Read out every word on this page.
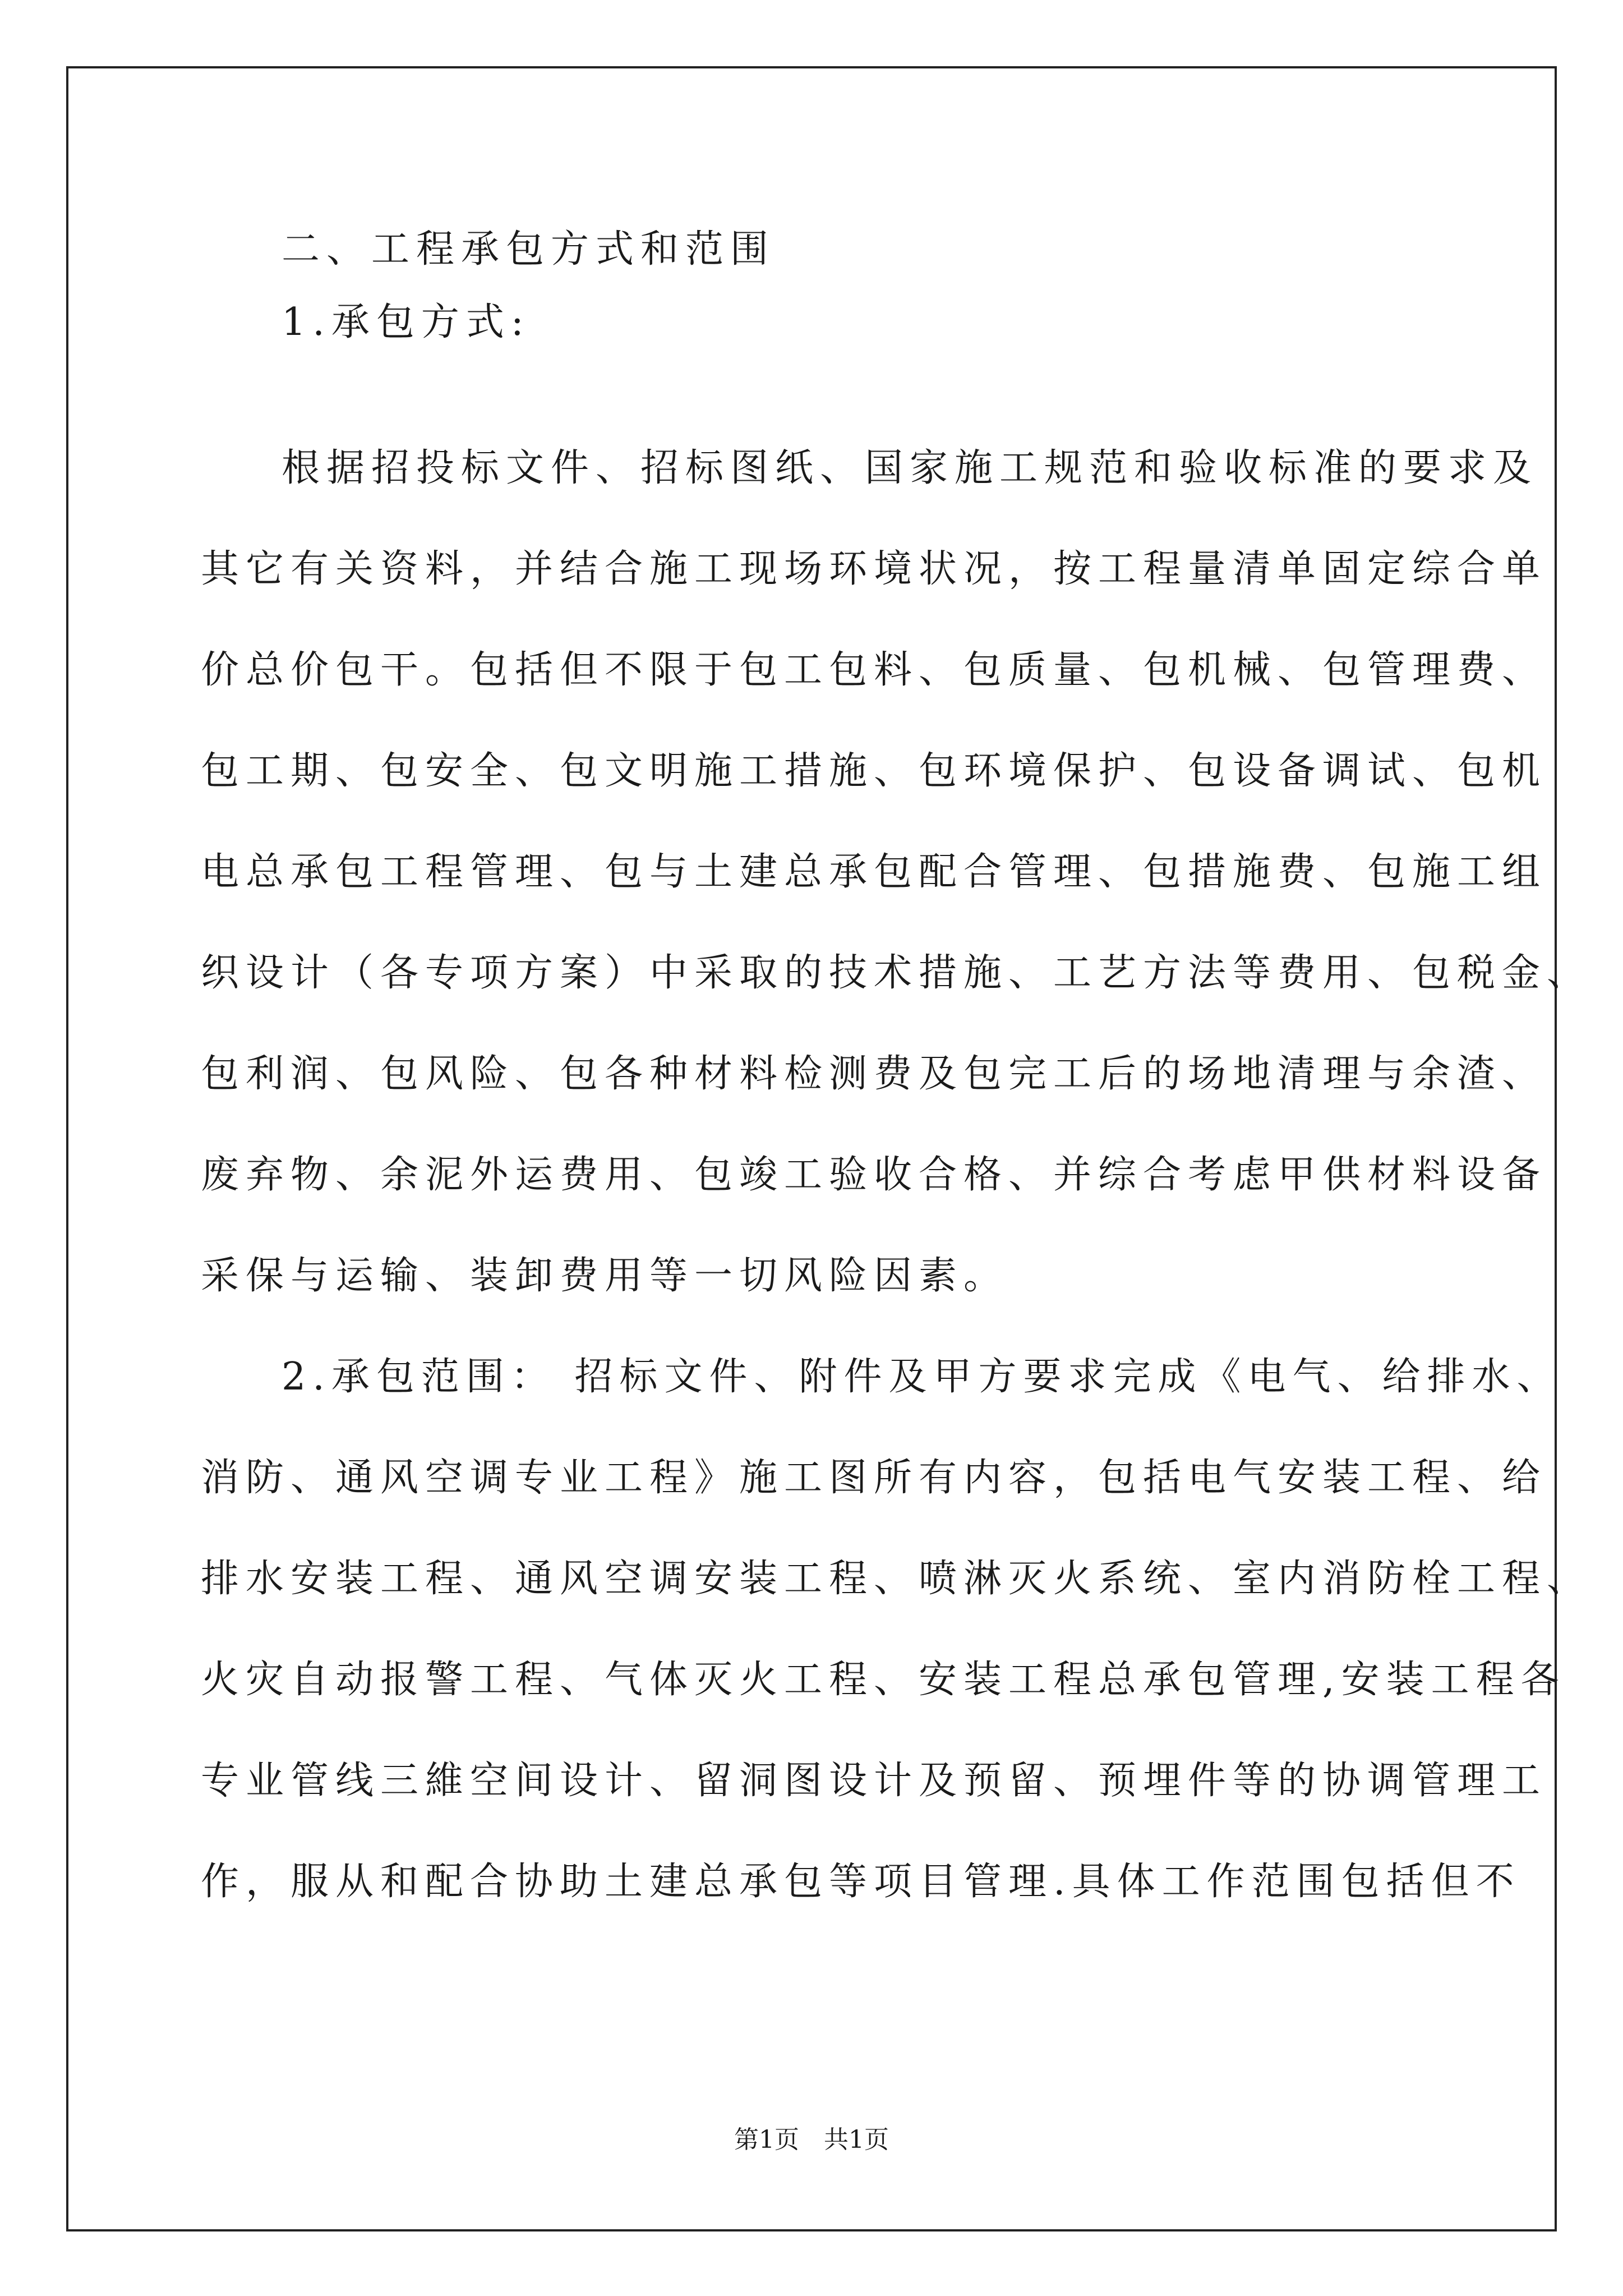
二、工程承包方式和范围
1.承包方式:
根据招投标文件、招标图纸、国家施工规范和验收标准的要求及
其它有关资料，并结合施工现场环境状况，按工程量清单固定综合单
价总价包干。包括但不限于包工包料、包质量、包机械、包管理费、
包工期、包安全、包文明施工措施、包环境保护、包设备调试、包机
电总承包工程管理、包与土建总承包配合管理、包措施费、包施工组
织设计（各专项方案）中采取的技术措施、工艺方法等费用、包税金、
包利润、包风险、包各种材料检测费及包完工后的场地清理与余渣、
废弃物、余泥外运费用、包竣工验收合格、并综合考虑甲供材料设备
采保与运输、装卸费用等一切风险因素。
2.承包范围： 招标文件、附件及甲方要求完成《电气、给排水、
消防、通风空调专业工程》施工图所有内容，包括电气安装工程、给
排水安装工程、通风空调安装工程、喷淋灭火系统、室内消防栓工程、
火灾自动报警工程、气体灭火工程、安装工程总承包管理,安装工程各
专业管线三維空间设计、留洞图设计及预留、预埋件等的协调管理工
作，服从和配合协助土建总承包等项目管理.具体工作范围包括但不
第1页　共1页
